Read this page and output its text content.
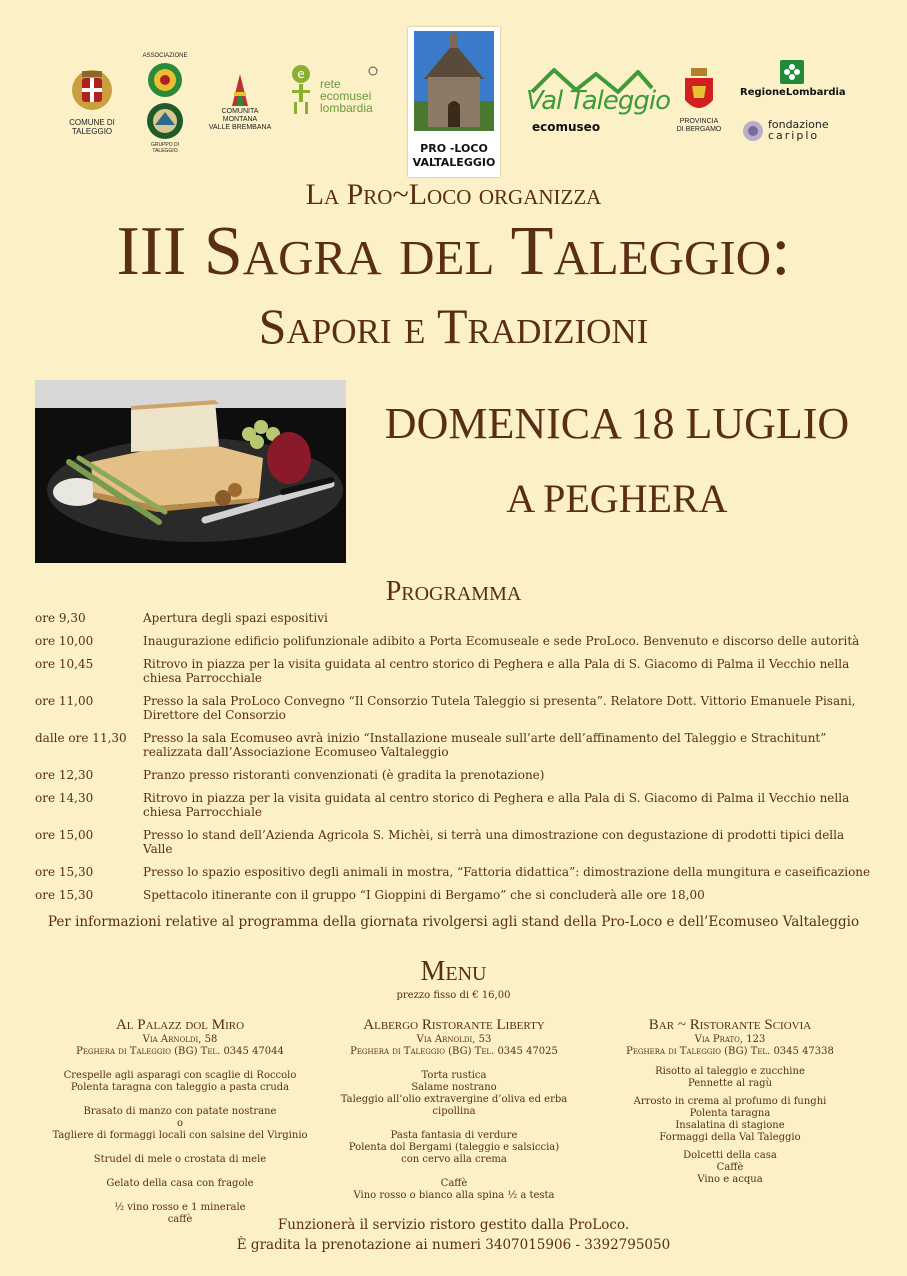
COMUNE DI TALEGGIO
ASSOCIAZIONE
GRUPPO DI TALEGGIO
COMUNITA MONTANA
VALLE BREMBANA
e
rete
ecomusei
lombardia
PRO -LOCO
VALTALEGGIO
Val Taleggio
ecomuseo	PROVINCIA
DI BERGAMO
RegioneLombardia
fondazione
cariplo
La Pro~Loco organizza
III Sagra del Taleggio:
Sapori e Tradizioni
DOMENICA 18 LUGLIO
A PEGHERA
Programma
ore 9,30	Apertura degli spazi espositivi
ore 10,00	Inaugurazione edificio polifunzionale adibito a Porta Ecomuseale e sede ProLoco. Benvenuto e discorso delle autorità
ore 10,45	Ritrovo in piazza per la visita guidata al centro storico di Peghera e alla Pala di S. Giacomo di Palma il Vecchio nella chiesa Parrocchiale
ore 11,00	Presso la sala ProLoco Convegno “Il Consorzio Tutela Taleggio si presenta”. Relatore Dott. Vittorio Emanuele Pisani, Direttore del Consorzio
dalle ore 11,30	Presso la sala Ecomuseo avrà inizio “Installazione museale sull’arte dell’affinamento del Taleggio e Strachitunt” realizzata dall’Associazione Ecomuseo Valtaleggio
ore 12,30	Pranzo presso ristoranti convenzionati (è gradita la prenotazione)
ore 14,30	Ritrovo in piazza per la visita guidata al centro storico di Peghera e alla Pala di S. Giacomo di Palma il Vecchio nella chiesa Parrocchiale
ore 15,00	Presso lo stand dell’Azienda Agricola S. Michèi, si terrà una dimostrazione con degustazione di prodotti tipici della Valle
ore 15,30	Presso lo spazio espositivo degli animali in mostra, “Fattoria didattica”: dimostrazione della mungitura e caseificazione
ore 15,30	Spettacolo itinerante con il gruppo “I Gioppini di Bergamo” che si concluderà alle ore 18,00
Per informazioni relative al programma della giornata rivolgersi agli stand della Pro-Loco e dell’Ecomuseo Valtaleggio
Menu
prezzo fisso di € 16,00
Al Palazz dol Miro
Via Arnoldi, 58
Peghera di Taleggio (BG) Tel. 0345 47044
Crespelle agli asparagi con scaglie di Roccolo
Polenta taragna con taleggio a pasta cruda
Brasato di manzo con patate nostrane
o
Tagliere di formaggi locali con salsine del Virginio
Strudel di mele o crostata di mele
Gelato della casa con fragole
½ vino rosso e 1 minerale
caffè
Albergo Ristorante Liberty
Via Arnoldi, 53
Peghera di Taleggio (BG) Tel. 0345 47025
Torta rustica
Salame nostrano
Taleggio all’olio extravergine d’oliva ed erba cipollina
Pasta fantasia di verdure
Polenta dol Bergami (taleggio e salsiccia)
con cervo alla crema
Caffè
Vino rosso o bianco alla spina ½ a testa
Bar ~ Ristorante Sciovia
Via Prato, 123
Peghera di Taleggio (BG) Tel. 0345 47338
Risotto al taleggio e zucchine
Pennette al ragù
Arrosto in crema al profumo di funghi
Polenta taragna
Insalatina di stagione
Formaggi della Val Taleggio
Dolcetti della casa
Caffè
Vino e acqua
Funzionerà il servizio ristoro gestito dalla ProLoco.
È gradita la prenotazione ai numeri 3407015906 - 3392795050
